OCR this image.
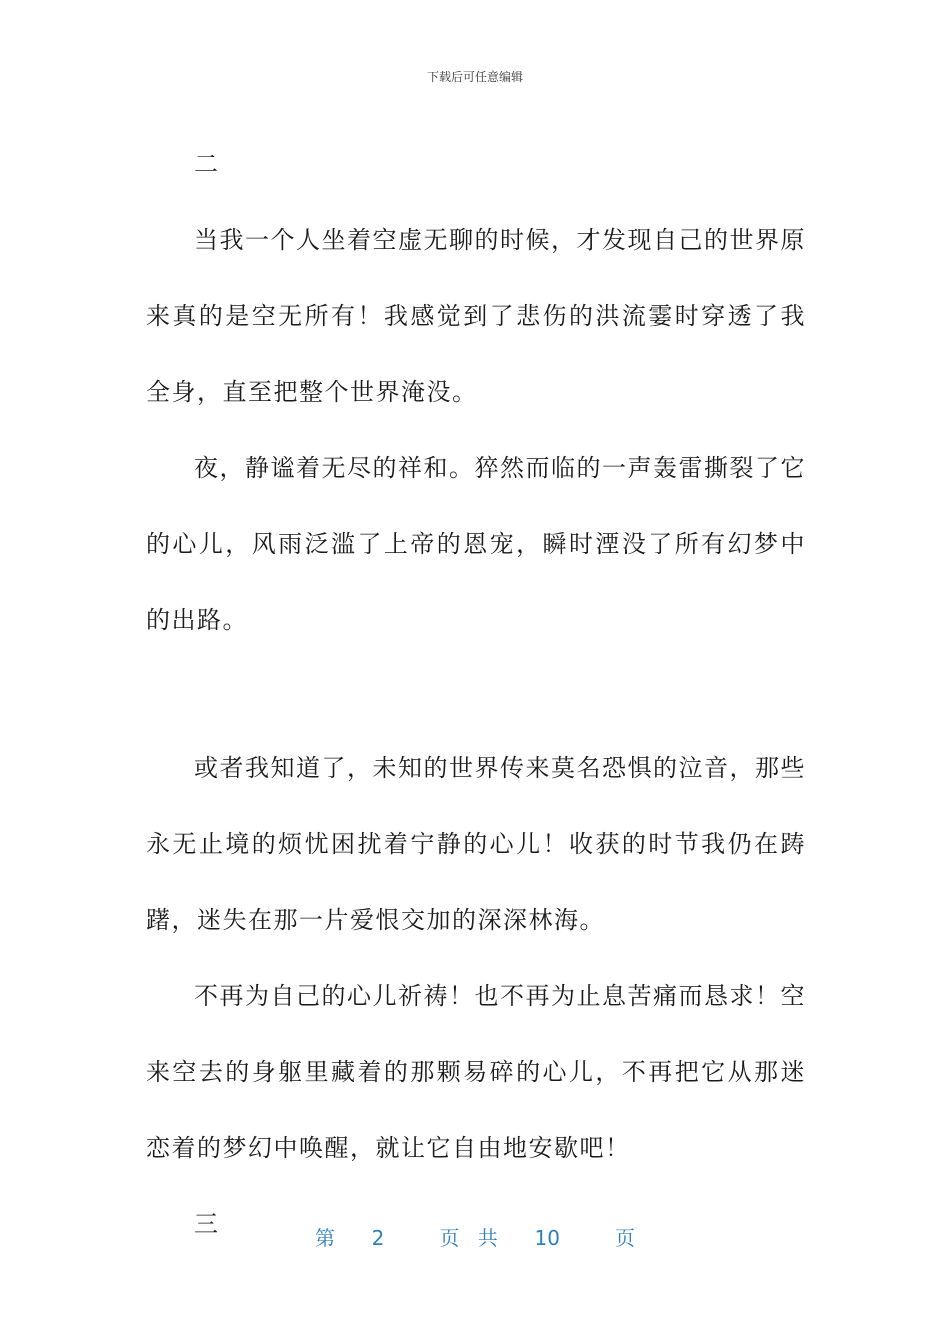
下载后可任意编辑

二

当我一个人坐着空虚无聊的时候，才发现自己的世界原来真的是空无所有！我感觉到了悲伤的洪流霎时穿透了我全身，直至把整个世界淹没。

夜，静谧着无尽的祥和。猝然而临的一声轰雷撕裂了它的心儿，风雨泛滥了上帝的恩宠，瞬时湮没了所有幻梦中的出路。

或者我知道了，未知的世界传来莫名恐惧的泣音，那些永无止境的烦忧困扰着宁静的心儿！收获的时节我仍在踌躇，迷失在那一片爱恨交加的深深林海。

不再为自己的心儿祈祷！也不再为止息苦痛而恳求！空来空去的身躯里藏着的那颗易碎的心儿，不再把它从那迷恋着的梦幻中唤醒，就让它自由地安歇吧！

三	第  2   页 共  10   页
